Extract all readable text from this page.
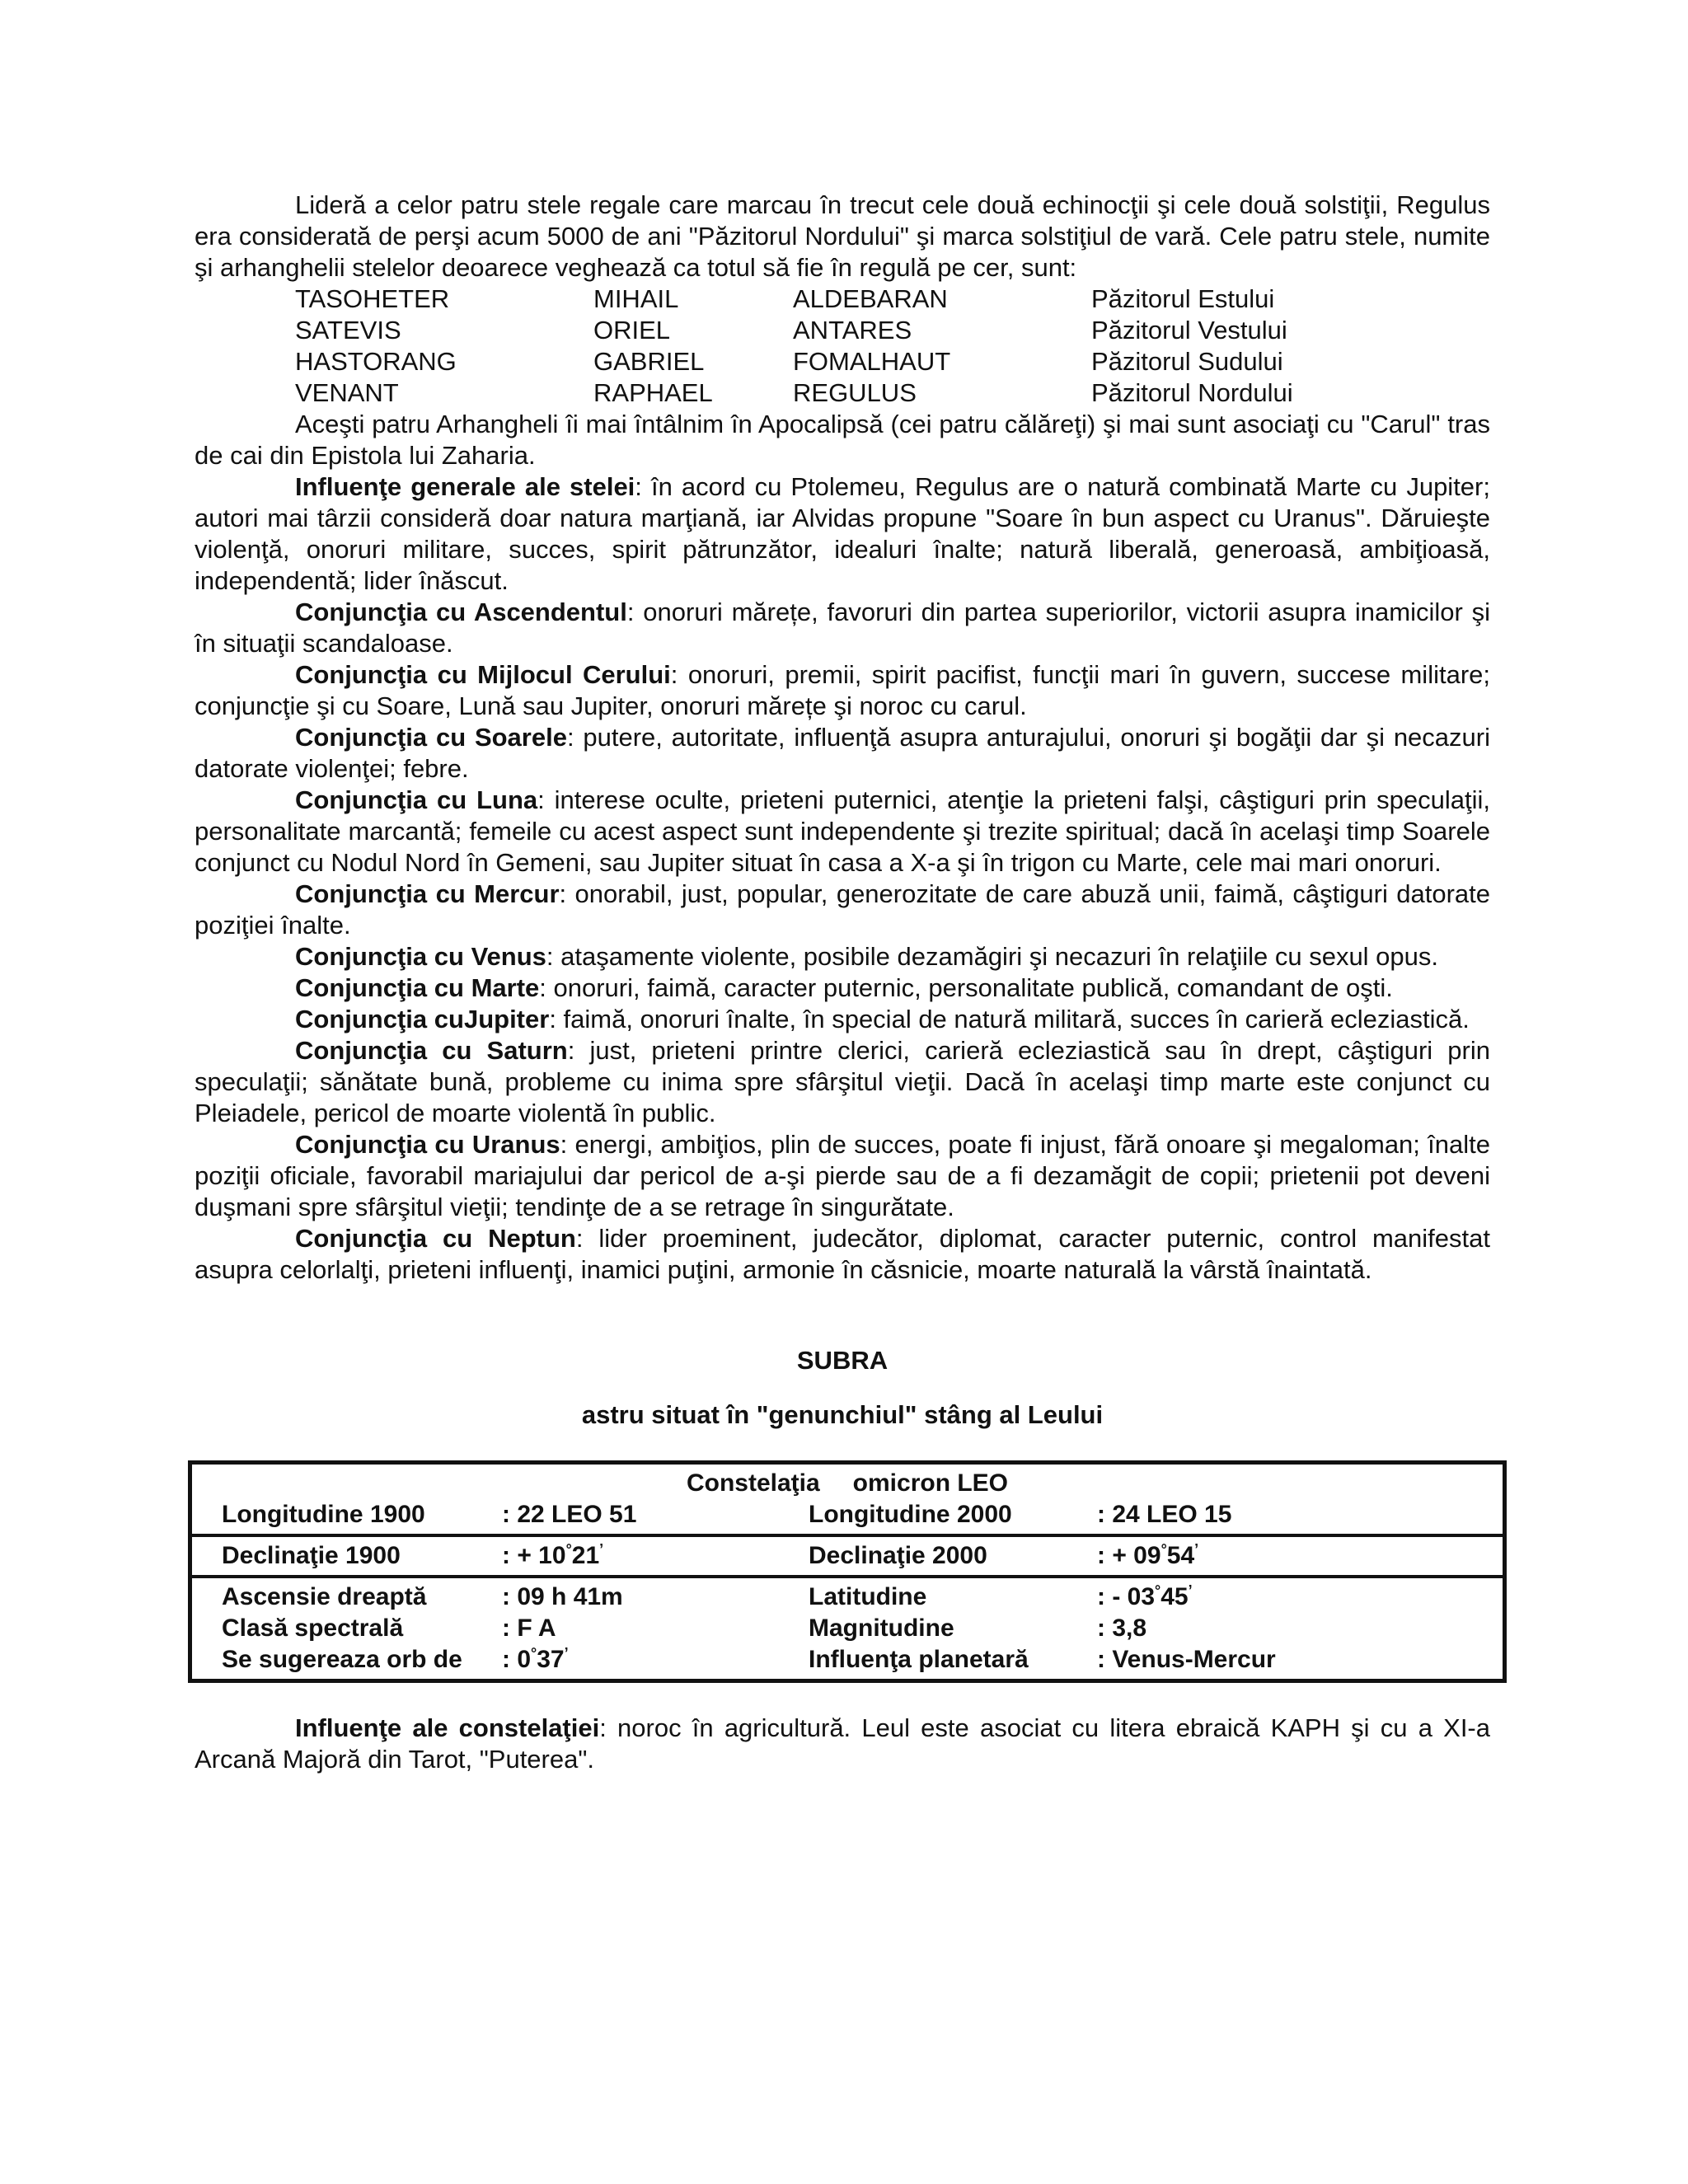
Lideră a celor patru stele regale care marcau în trecut cele două echinocţii şi cele două solstiţii, Regulus era considerată de perşi acum 5000 de ani "Păzitorul Nordului" şi marca solstiţiul de vară. Cele patru stele, numite şi arhanghelii stelelor deoarece veghează ca totul să fie în regulă pe cer, sunt:

TASOHETER	MIHAIL	ALDEBARAN	Păzitorul Estului
SATEVIS	ORIEL	ANTARES	Păzitorul Vestului
HASTORANG	GABRIEL	FOMALHAUT	Păzitorul Sudului
VENANT	RAPHAEL	REGULUS	Păzitorul Nordului

Aceşti patru Arhangheli îi mai întâlnim în Apocalipsă (cei patru călăreţi) şi mai sunt asociaţi cu "Carul" tras de cai din Epistola lui Zaharia.

Influenţe generale ale stelei: în acord cu Ptolemeu, Regulus are o natură combinată Marte cu Jupiter; autori mai târzii consideră doar natura marţiană, iar Alvidas propune "Soare în bun aspect cu Uranus". Dăruieşte violenţă, onoruri militare, succes, spirit pătrunzător, idealuri înalte; natură liberală, generoasă, ambiţioasă, independentă; lider înăscut.

Conjuncţia cu Ascendentul: onoruri mărețe, favoruri din partea superiorilor, victorii asupra inamicilor şi în situaţii scandaloase.

Conjuncţia cu Mijlocul Cerului: onoruri, premii, spirit pacifist, funcţii mari în guvern, succese militare; conjuncţie şi cu Soare, Lună sau Jupiter, onoruri mărețe şi noroc cu carul.

Conjuncţia cu Soarele: putere, autoritate, influenţă asupra anturajului, onoruri şi bogăţii dar şi necazuri datorate violenţei; febre.

Conjuncţia cu Luna: interese oculte, prieteni puternici, atenţie la prieteni falşi, câştiguri prin speculaţii, personalitate marcantă; femeile cu acest aspect sunt independente şi trezite spiritual; dacă în acelaşi timp Soarele conjunct cu Nodul Nord în Gemeni, sau Jupiter situat în casa a X-a şi în trigon cu Marte, cele mai mari onoruri.

Conjuncţia cu Mercur: onorabil, just, popular, generozitate de care abuză unii, faimă, câştiguri datorate poziţiei înalte.

Conjuncţia cu Venus: ataşamente violente, posibile dezamăgiri şi necazuri în relaţiile cu sexul opus.

Conjuncţia cu Marte: onoruri, faimă, caracter puternic, personalitate publică, comandant de oşti.

Conjuncţia cuJupiter: faimă, onoruri înalte, în special de natură militară, succes în carieră ecleziastică.

Conjuncţia cu Saturn: just, prieteni printre clerici, carieră ecleziastică sau în drept, câştiguri prin speculaţii; sănătate bună, probleme cu inima spre sfârşitul vieţii. Dacă în acelaşi timp marte este conjunct cu Pleiadele, pericol de moarte violentă în public.

Conjuncţia cu Uranus: energi, ambiţios, plin de succes, poate fi injust, fără onoare şi megaloman; înalte poziţii oficiale, favorabil mariajului dar pericol de a-şi pierde sau de a fi dezamăgit de copii; prietenii pot deveni duşmani spre sfârşitul vieţii; tendinţe de a se retrage în singurătate.

Conjuncţia cu Neptun: lider proeminent, judecător, diplomat, caracter puternic, control manifestat asupra celorlalţi, prieteni influenţi, inamici puţini, armonie în căsnicie, moarte naturală la vârstă înaintată.

SUBRA

astru situat în "genunchiul" stâng al Leului

Constelaţia omicron LEO
Longitudine 1900	: 22 LEO 51	Longitudine 2000	: 24 LEO 15
Declinaţie 1900	: + 10°21’	Declinaţie 2000	: + 09°54’
Ascensie dreaptă	: 09 h 41m	Latitudine	: - 03°45’
Clasă spectrală	: F A	Magnitudine	: 3,8
Se sugereaza orb de	: 0°37’	Influenţa planetară	: Venus-Mercur

Influenţe ale constelaţiei: noroc în agricultură. Leul este asociat cu litera ebraică KAPH şi cu a XI-a Arcană Majoră din Tarot, "Puterea".
